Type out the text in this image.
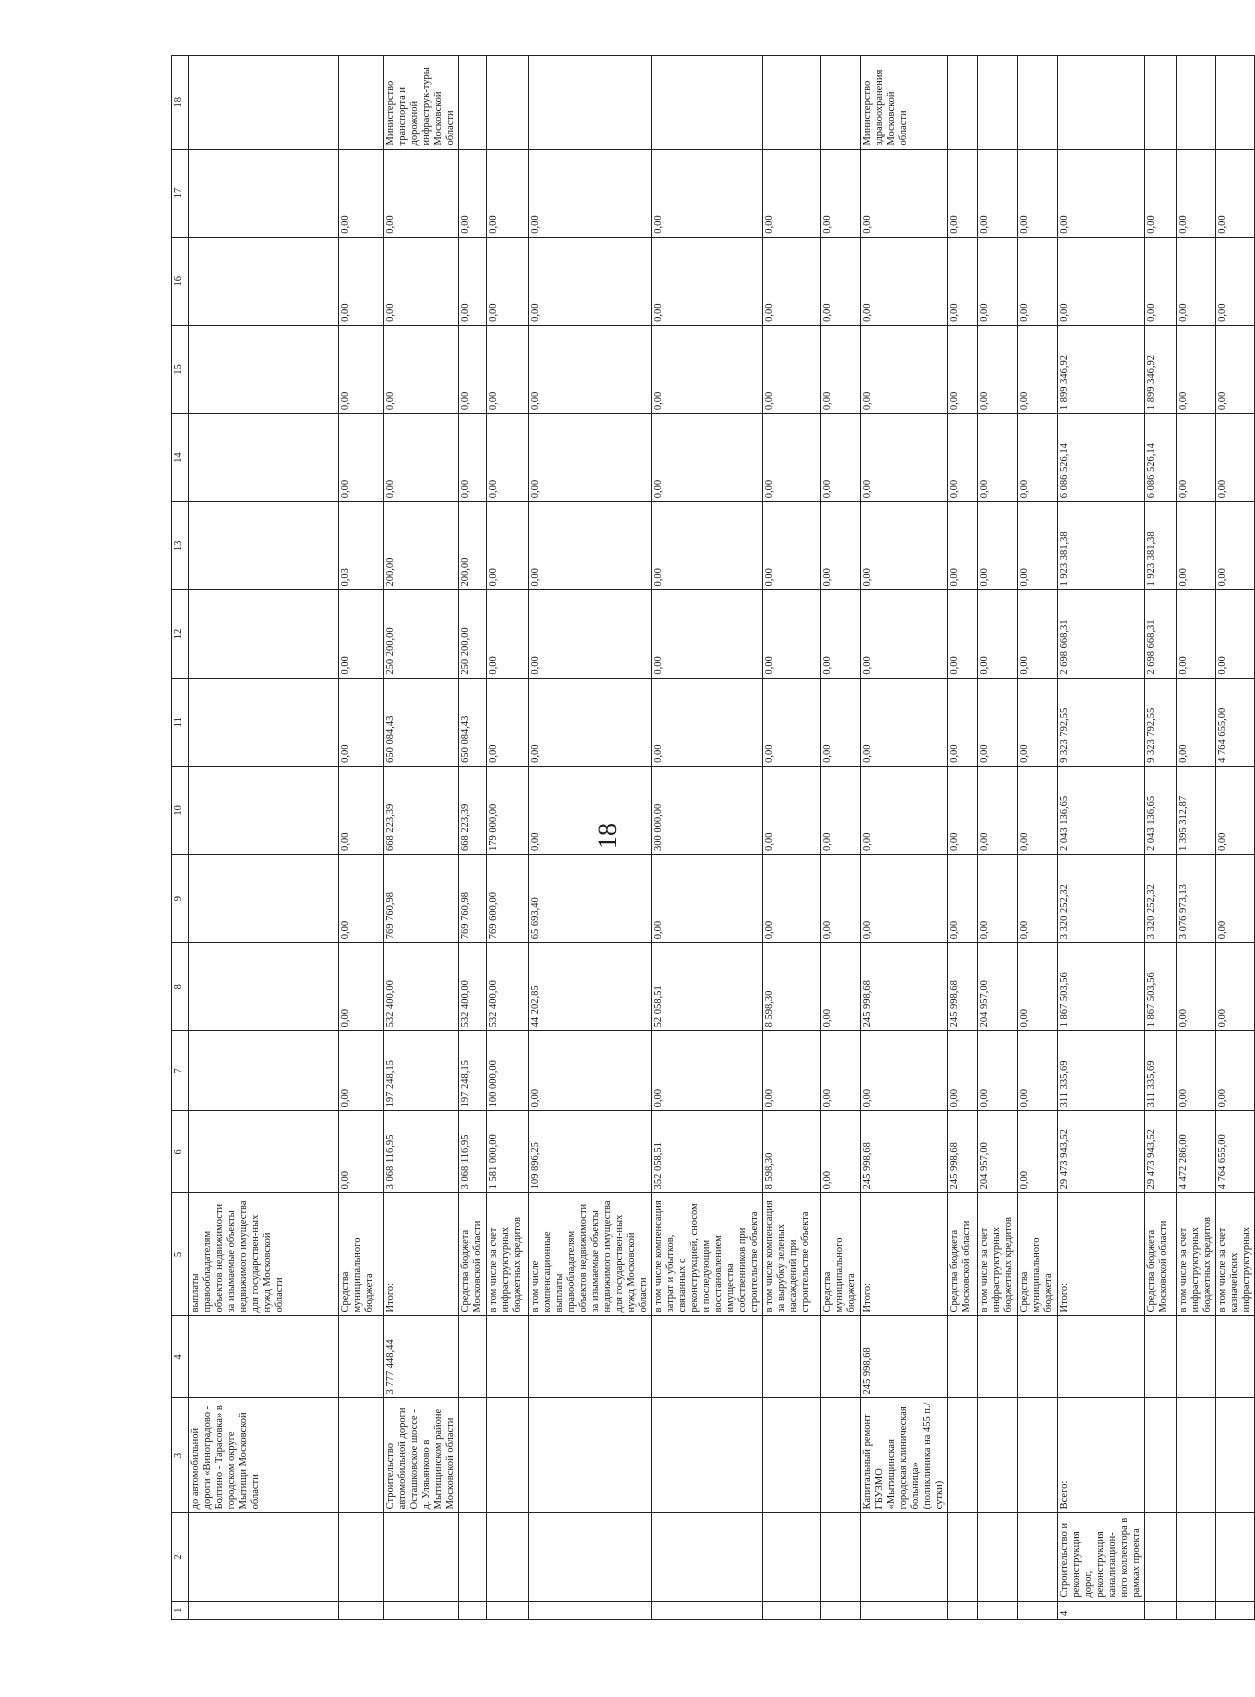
18
1	2	3	4	5	6	7	8	9	10	11	12	13	14	15	16	17	18
		до автомобильной дороги «Виноградово - Болтино - Тарасовка» в городском округе Мытищи Московской области		выплаты правообладателям объектов недвижимости за изымаемые объекты недвижимого имущества для государствен-ных нужд Московской области													
				Средства муниципального бюджета	0,00	0,00	0,00	0,00	0,00	0,00	0,00	0,03	0,00	0,00	0,00	0,00	
		Строительство автомобильной дороги Осташковское шоссе - д. Уляьянково в Мытищинском районе Московской области	3 777 448,44	Итого:	3 068 116,95	197 248,15	532 400,00	769 760,98	668 223,39	650 084,43	250 200,00	200,00	0,00	0,00	0,00	0,00	Министерство транспорта и дорожной инфраструк-туры Московской области
				Средства бюджета Московской области	3 068 116,95	197 248,15	532 400,00	769 760,98	668 223,39	650 084,43	250 200,00	200,00	0,00	0,00	0,00	0,00	
				в том числе за счет инфраструктурных бюджетных кредитов	1 581 000,00	100 000,00	532 400,00	769 600,00	179 000,00	0,00	0,00	0,00	0,00	0,00	0,00	0,00	
				в том числе компенсационные выплаты правообладателям объектов недвижимости за изымаемые объекты недвижимого имущества для государствен-ных нужд Московской области	109 896,25	0,00	44 202,85	65 693,40	0,00	0,00	0,00	0,00	0,00	0,00	0,00	0,00	
				в том числе компенсация затрат и убытков, связанных с реконструкцией, сносом и последующим восстановлением имущества собственников при строительстве объекта	352 058,51	0,00	52 058,51	0,00	300 000,00	0,00	0,00	0,00	0,00	0,00	0,00	0,00	
				в том числе компенсация за вырубку зеленых насаждений при строительстве объекта	8 598,30	0,00	8 598,30	0,00	0,00	0,00	0,00	0,00	0,00	0,00	0,00	0,00	
				Средства муниципального бюджета	0,00	0,00	0,00	0,00	0,00	0,00	0,00	0,00	0,00	0,00	0,00	0,00	
		Капитальный ремонт ГБУЗМО «Мытищинская городская клиническая больница» (поликлиника на 455 п./сутки)	245 998,68	Итого:	245 998,68	0,00	245 998,68	0,00	0,00	0,00	0,00	0,00	0,00	0,00	0,00	0,00	Министерство здравоохранения Московской области
				Средства бюджета Московской области	245 998,68	0,00	245 998,68	0,00	0,00	0,00	0,00	0,00	0,00	0,00	0,00	0,00	
				в том числе за счет инфраструктурных бюджетных кредитов	204 957,00	0,00	204 957,00	0,00	0,00	0,00	0,00	0,00	0,00	0,00	0,00	0,00	
				Средства муниципального бюджета	0,00	0,00	0,00	0,00	0,00	0,00	0,00	0,00	0,00	0,00	0,00	0,00	
4	Строительство и реконструкция дорог, реконструкция канализацион-ного коллектора в рамках проекта	Всего:		Итого:	29 473 943,52	311 335,69	1 867 503,56	3 320 252,32	2 043 136,65	9 323 792,55	2 698 668,31	1 923 381,38	6 086 526,14	1 899 346,92	0,00	0,00	
				Средства бюджета Московской области	29 473 943,52	311 335,69	1 867 503,56	3 320 252,32	2 043 136,65	9 323 792,55	2 698 668,31	1 923 381,38	6 086 526,14	1 899 346,92	0,00	0,00	
				в том числе за счет инфраструктурных бюджетных кредитов	4 472 286,00	0,00	0,00	3 076 973,13	1 395 312,87	0,00	0,00	0,00	0,00	0,00	0,00	0,00	
				в том числе за счет казначейских инфраструктурных	4 764 655,00	0,00	0,00	0,00	0,00	4 764 655,00	0,00	0,00	0,00	0,00	0,00	0,00	
